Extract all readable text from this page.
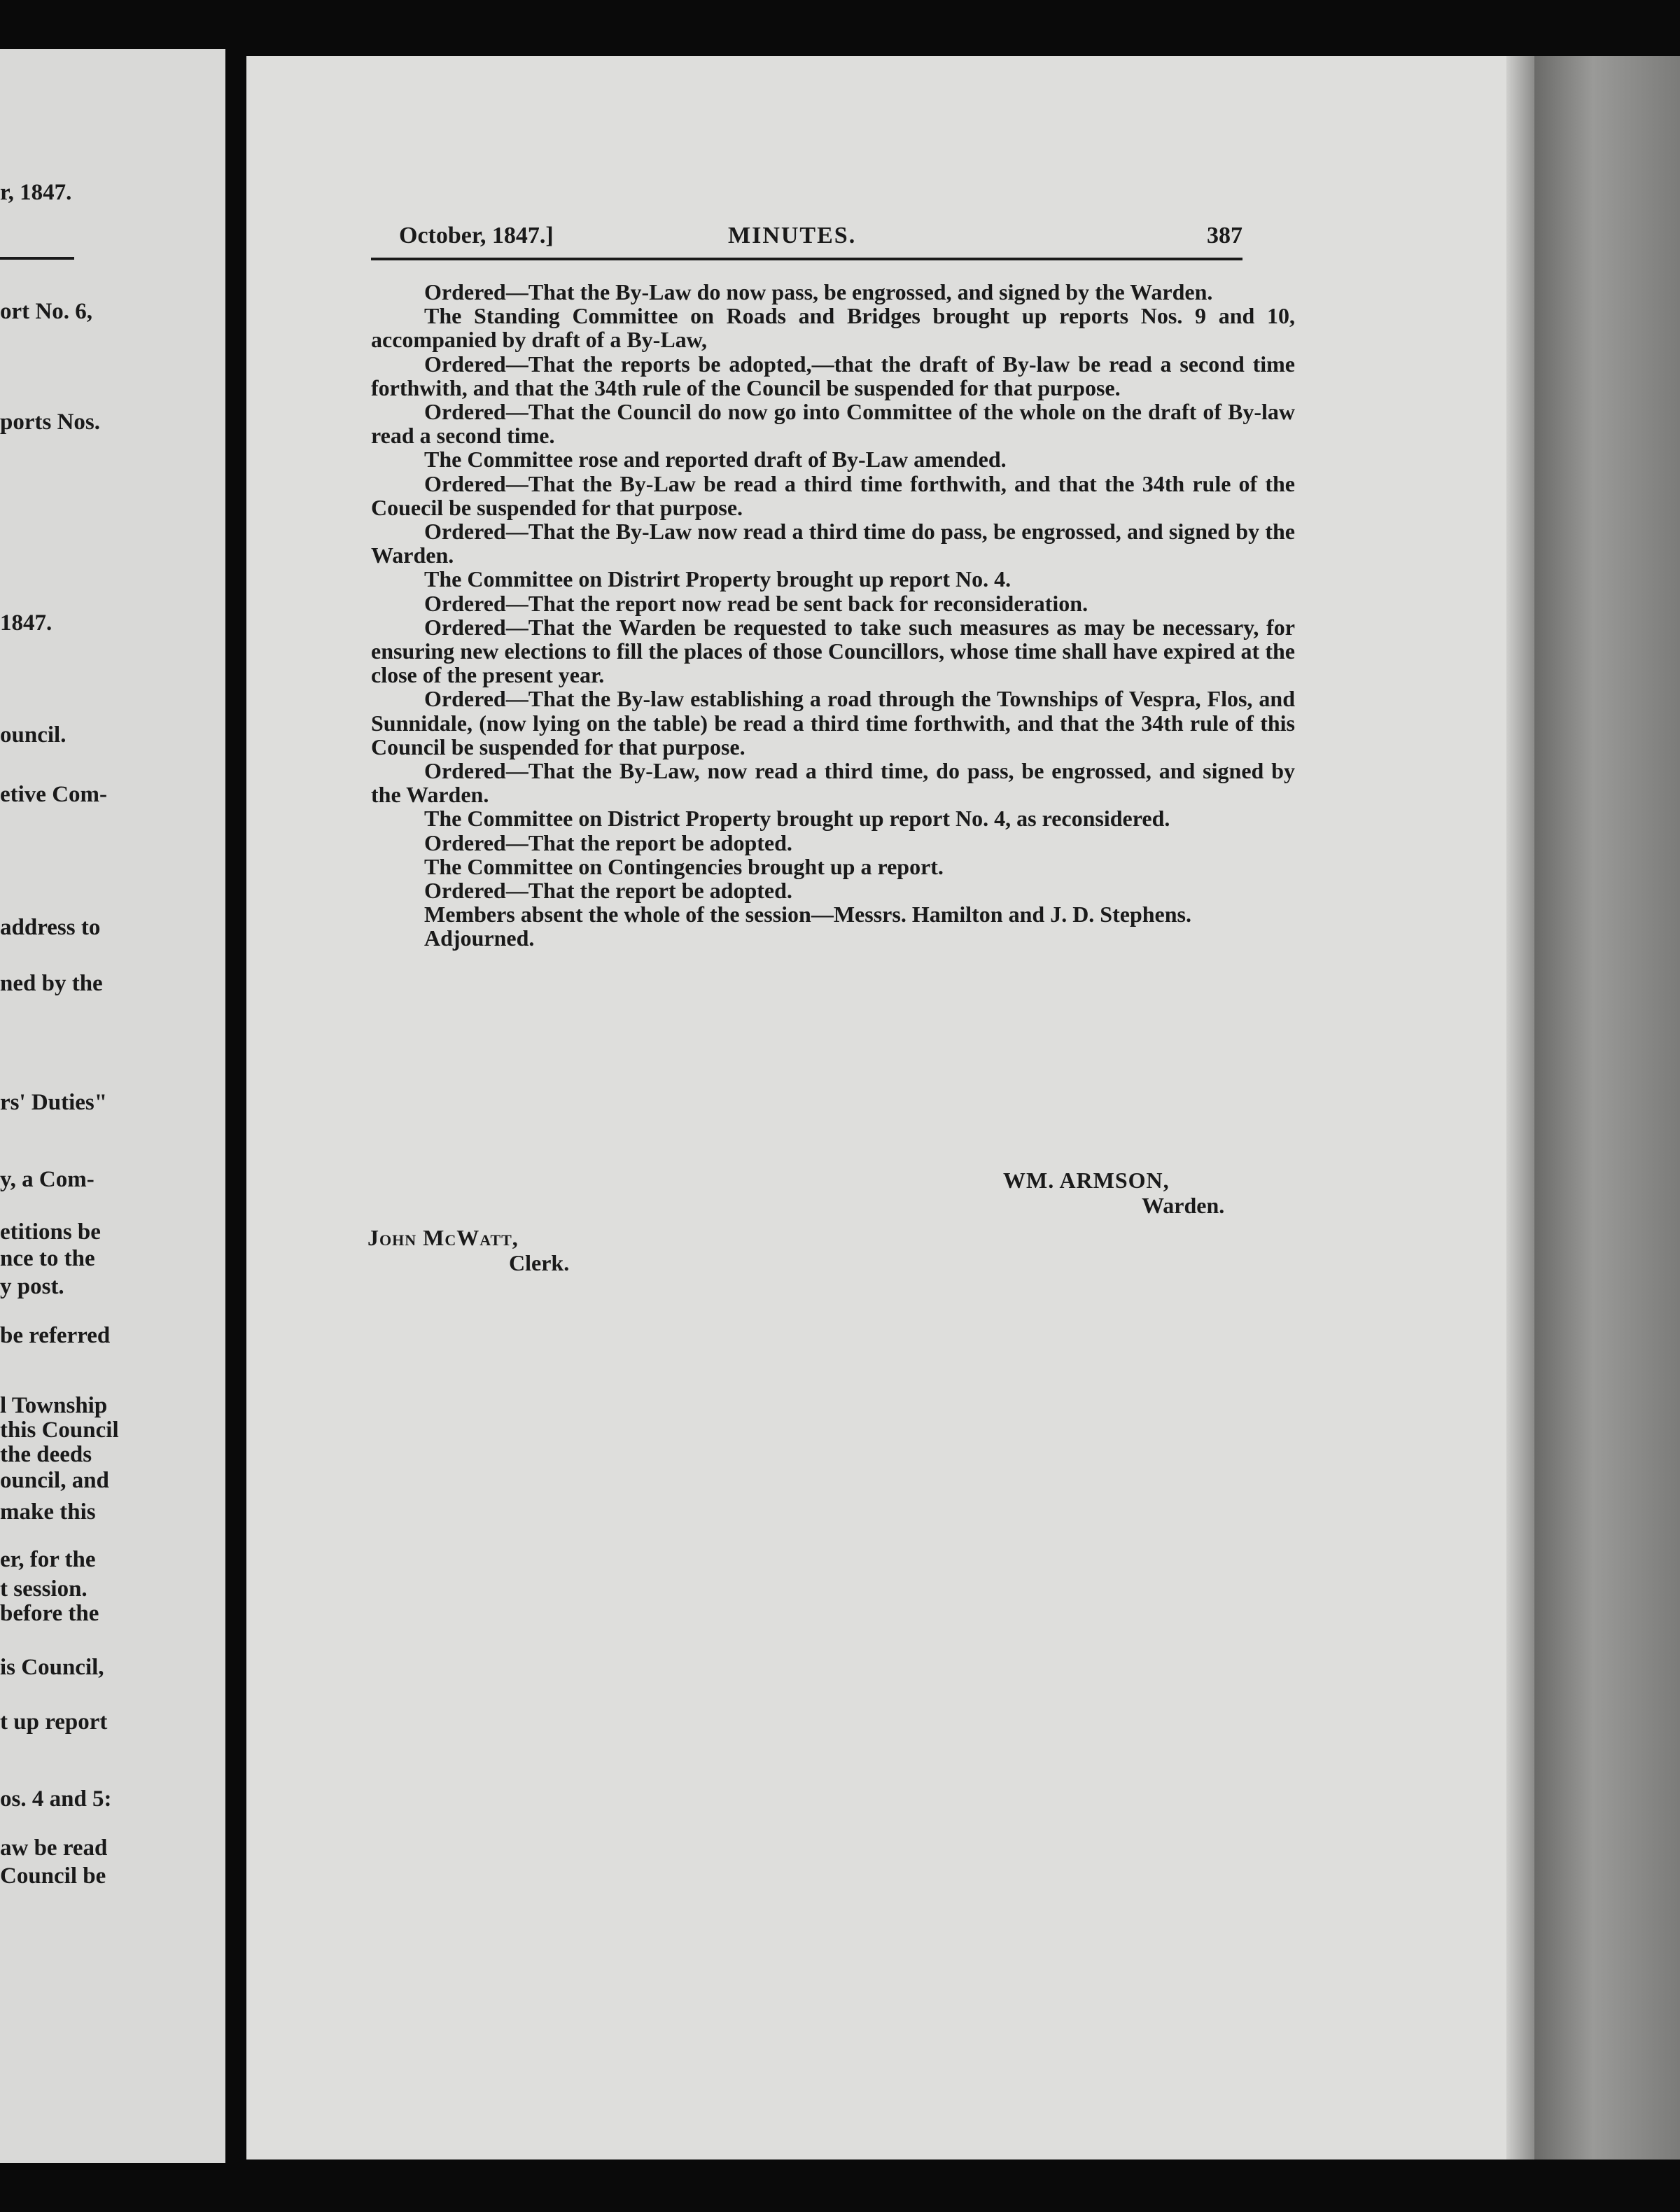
r, 1847.
ort No. 6,
ports Nos.
1847.
ouncil.
etive Com-
address to
ned by the
rs' Duties"
y, a Com-
etitions be
nce to the
y post.
be referred
l Township
this Council
the deeds
ouncil, and
make this
er, for the
t session.
before the
is Council,
t up report
os. 4 and 5:
aw be read
Council be
October, 1847.]	MINUTES.	387

Ordered—That the By-Law do now pass, be engrossed, and signed by the Warden.

The Standing Committee on Roads and Bridges brought up reports Nos. 9 and 10, accompanied by draft of a By-Law,

Ordered—That the reports be adopted,—that the draft of By-law be read a second time forthwith, and that the 34th rule of the Council be suspended for that purpose.

Ordered—That the Council do now go into Committee of the whole on the draft of By-law read a second time.

The Committee rose and reported draft of By-Law amended.

Ordered—That the By-Law be read a third time forthwith, and that the 34th rule of the Couecil be suspended for that purpose.

Ordered—That the By-Law now read a third time do pass, be engrossed, and signed by the Warden.

The Committee on Distrirt Property brought up report No. 4.

Ordered—That the report now read be sent back for reconsideration.

Ordered—That the Warden be requested to take such measures as may be necessary, for ensuring new elections to fill the places of those Councillors, whose time shall have expired at the close of the present year.

Ordered—That the By-law establishing a road through the Townships of Vespra, Flos, and Sunnidale, (now lying on the table) be read a third time forthwith, and that the 34th rule of this Council be suspended for that purpose.

Ordered—That the By-Law, now read a third time, do pass, be engrossed, and signed by the Warden.

The Committee on District Property brought up report No. 4, as reconsidered.

Ordered—That the report be adopted.

The Committee on Contingencies brought up a report.

Ordered—That the report be adopted.

Members absent the whole of the session—Messrs. Hamilton and J. D. Stephens.

Adjourned.

WM. ARMSON,
Warden.
John McWatt,
Clerk.
